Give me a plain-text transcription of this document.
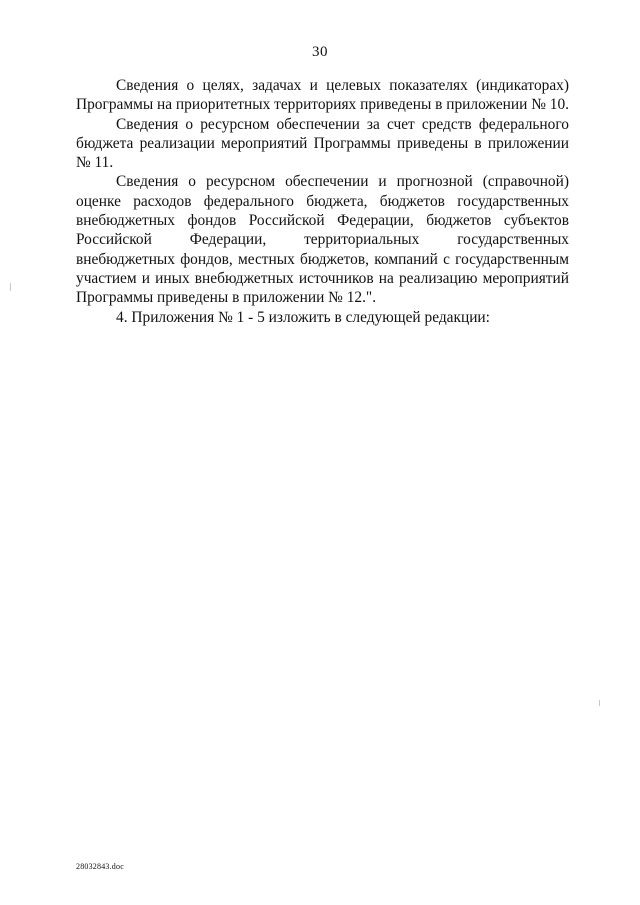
30

Сведения о целях, задачах и целевых показателях (индикаторах) Программы на приоритетных территориях приведены в приложении № 10.

Сведения о ресурсном обеспечении за счет средств федерального бюджета реализации мероприятий Программы приведены в приложении № 11.

Сведения о ресурсном обеспечении и прогнозной (справочной) оценке расходов федерального бюджета, бюджетов государственных внебюджетных фондов Российской Федерации, бюджетов субъектов Российской Федерации, территориальных государственных внебюджетных фондов, местных бюджетов, компаний с государственным участием и иных внебюджетных источников на реализацию мероприятий Программы приведены в приложении № 12.".

4. Приложения № 1 - 5 изложить в следующей редакции:

28032843.doc
